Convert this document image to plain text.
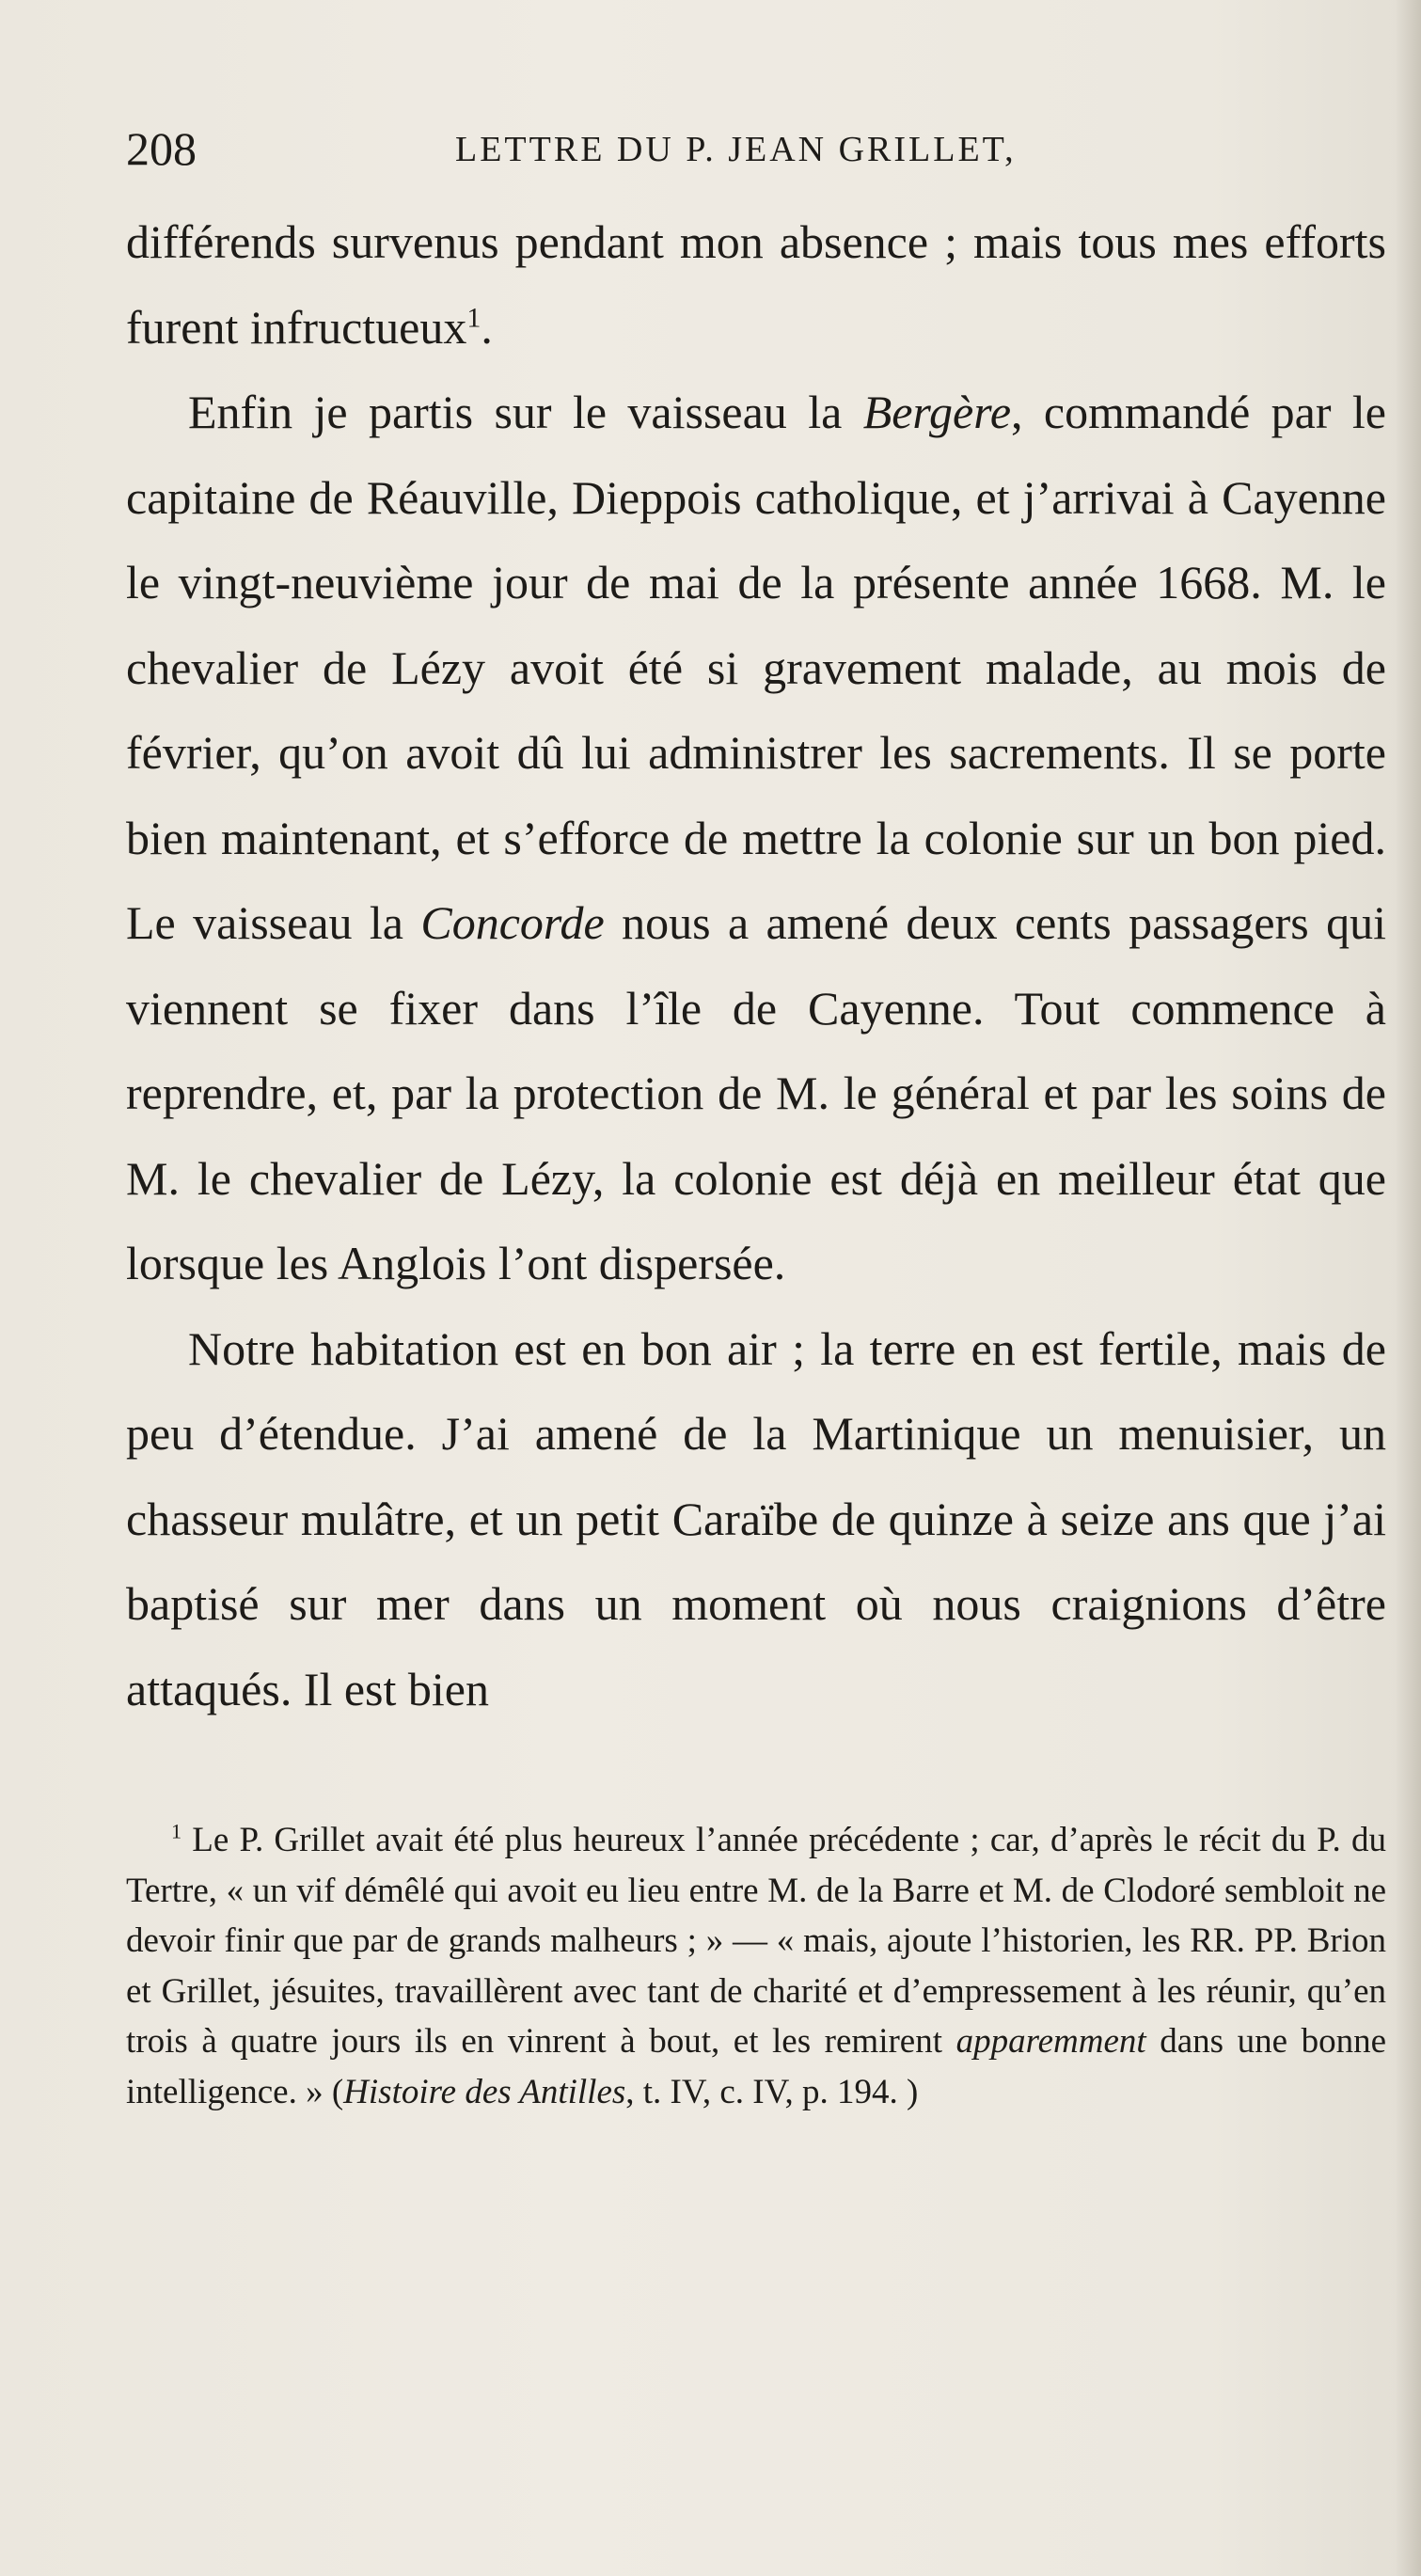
208	LETTRE DU P. JEAN GRILLET,

différends survenus pendant mon absence ; mais tous mes efforts furent infructueux$^1$.

Enfin je partis sur le vaisseau la Bergère, commandé par le capitaine de Réauville, Dieppois catholique, et j’arrivai à Cayenne le vingt-neuvième jour de mai de la présente année 1668. M. le chevalier de Lézy avoit été si gravement malade, au mois de février, qu’on avoit dû lui administrer les sacrements. Il se porte bien maintenant, et s’efforce de mettre la colonie sur un bon pied. Le vaisseau la Concorde nous a amené deux cents passagers qui viennent se fixer dans l’île de Cayenne. Tout commence à reprendre, et, par la protection de M. le général et par les soins de M. le chevalier de Lézy, la colonie est déjà en meilleur état que lorsque les Anglois l’ont dispersée.

Notre habitation est en bon air ; la terre en est fertile, mais de peu d’étendue. J’ai amené de la Martinique un menuisier, un chasseur mulâtre, et un petit Caraïbe de quinze à seize ans que j’ai baptisé sur mer dans un moment où nous craignions d’être attaqués. Il est bien

$^1$ Le P. Grillet avait été plus heureux l’année précédente ; car, d’après le récit du P. du Tertre, « un vif démêlé qui avoit eu lieu entre M. de la Barre et M. de Clodoré sembloit ne devoir finir que par de grands malheurs ; » — « mais, ajoute l’historien, les RR. PP. Brion et Grillet, jésuites, travaillèrent avec tant de charité et d’empressement à les réunir, qu’en trois à quatre jours ils en vinrent à bout, et les remirent apparemment dans une bonne intelligence. » (Histoire des Antilles, t. IV, c. IV, p. 194. )
